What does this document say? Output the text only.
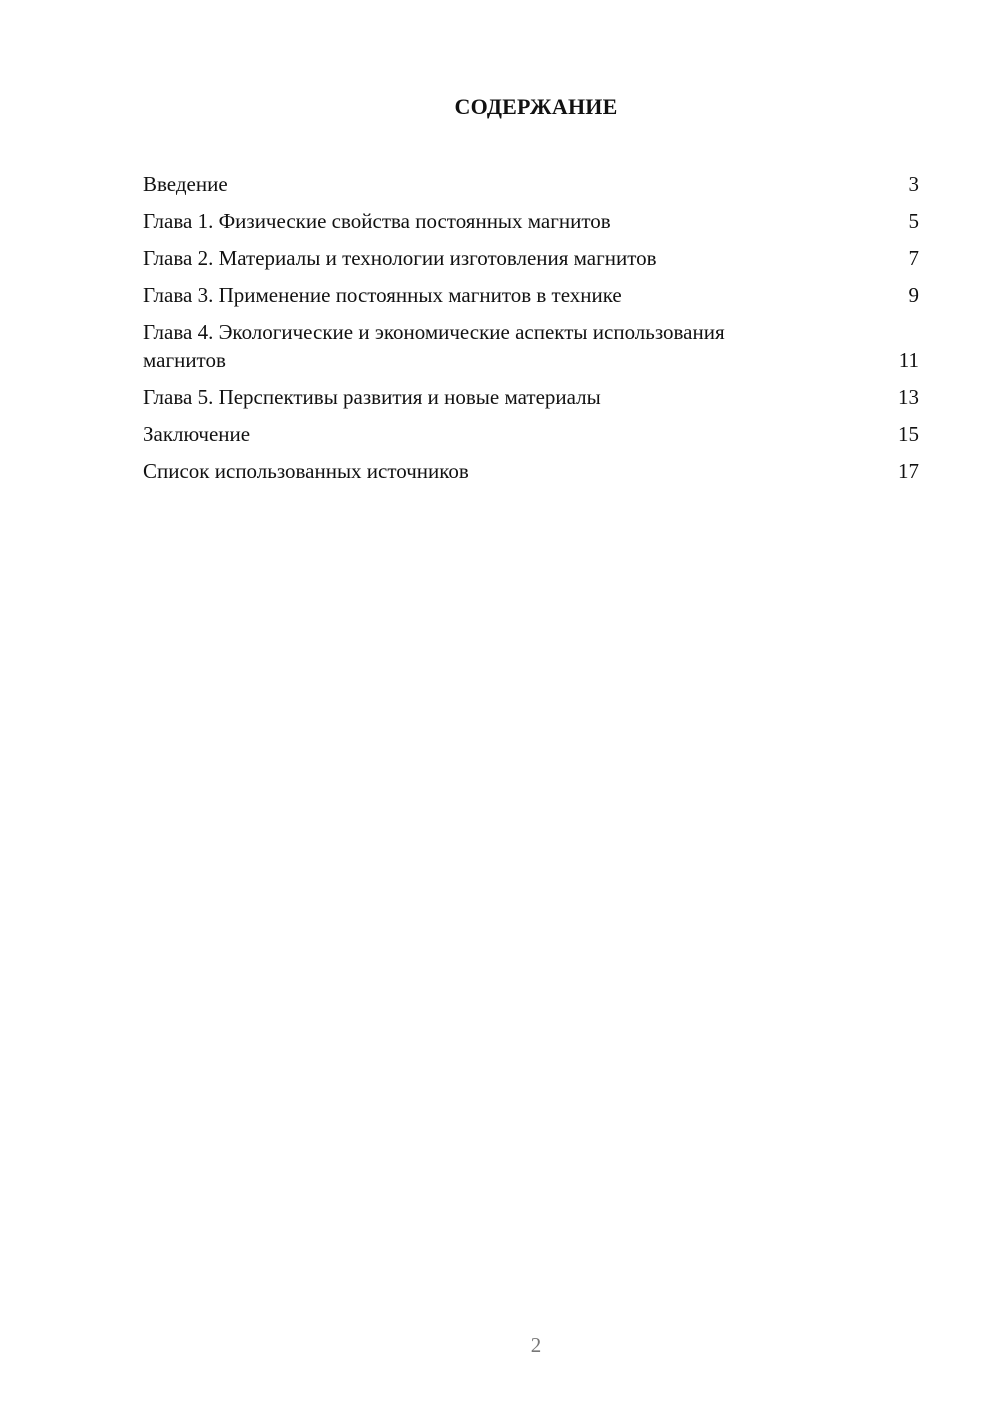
СОДЕРЖАНИЕ
Введение	3
Глава 1. Физические свойства постоянных магнитов	5
Глава 2. Материалы и технологии изготовления магнитов	7
Глава 3. Применение постоянных магнитов в технике	9
Глава 4. Экологические и экономические аспекты использования магнитов	11
Глава 5. Перспективы развития и новые материалы	13
Заключение	15
Список использованных источников	17
2
